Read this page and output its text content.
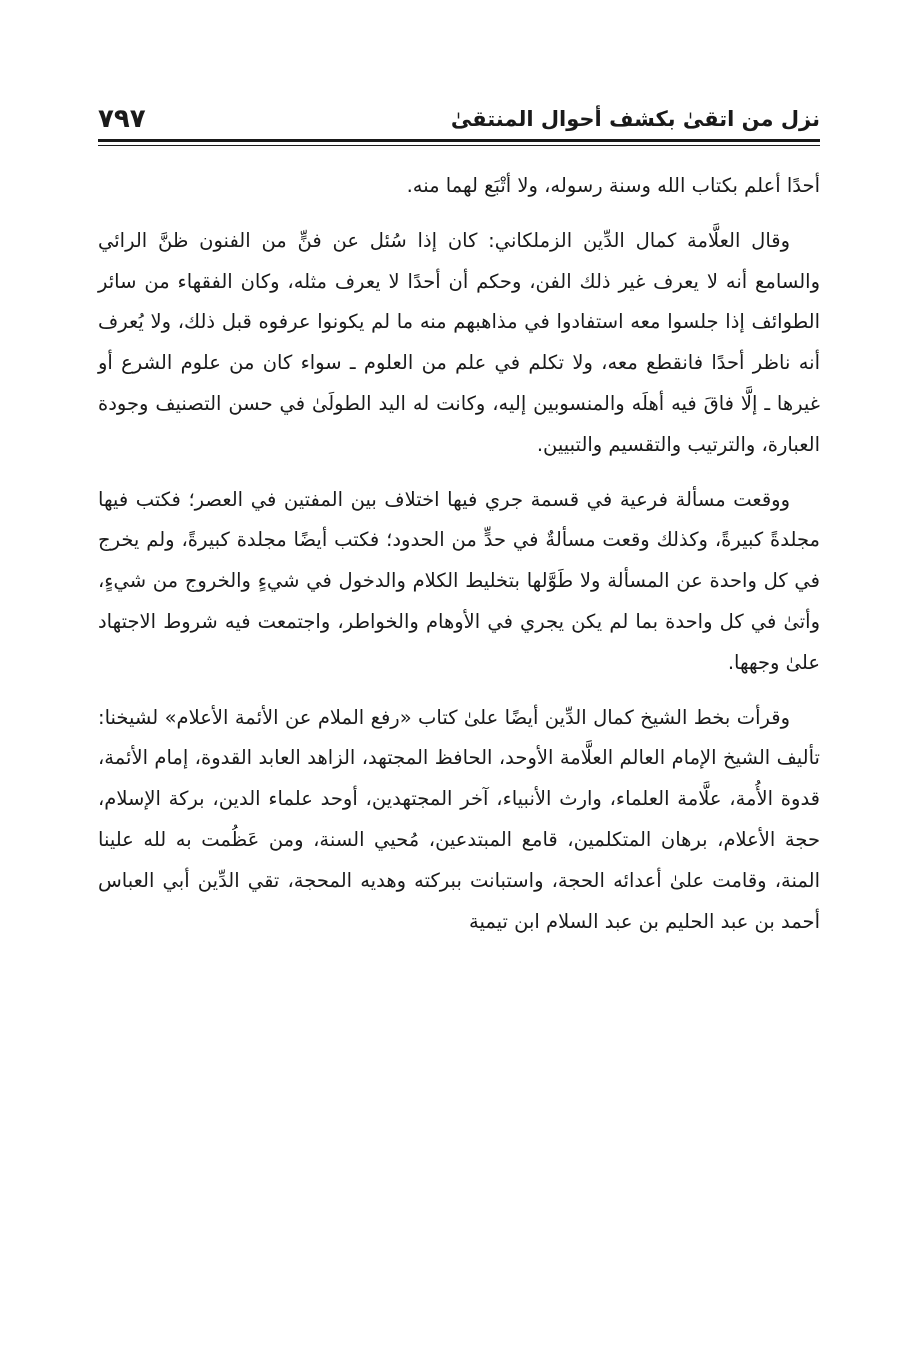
نزل من اتقىٰ بكشف أحوال المنتقىٰ
٧٩٧

أحدًا أعلم بكتاب الله وسنة رسوله، ولا أتْبَع لهما منه.

وقال العلَّامة كمال الدِّين الزملكاني: كان إذا سُئل عن فنٍّ من الفنون ظنَّ الرائي والسامع أنه لا يعرف غير ذلك الفن، وحكم أن أحدًا لا يعرف مثله، وكان الفقهاء من سائر الطوائف إذا جلسوا معه استفادوا في مذاهبهم منه ما لم يكونوا عرفوه قبل ذلك، ولا يُعرف أنه ناظر أحدًا فانقطع معه، ولا تكلم في علم من العلوم ـ سواء كان من علوم الشرع أو غيرها ـ إلَّا فاقَ فيه أهلَه والمنسوبين إليه، وكانت له اليد الطولَىٰ في حسن التصنيف وجودة العبارة، والترتيب والتقسيم والتبيين.

ووقعت مسألة فرعية في قسمة جري فيها اختلاف بين المفتين في العصر؛ فكتب فيها مجلدةً كبيرةً، وكذلك وقعت مسألةٌ في حدٍّ من الحدود؛ فكتب أيضًا مجلدة كبيرةً، ولم يخرج في كل واحدة عن المسألة ولا طَوَّلها بتخليط الكلام والدخول في شيءٍ والخروج من شيءٍ، وأتىٰ في كل واحدة بما لم يكن يجري في الأوهام والخواطر، واجتمعت فيه شروط الاجتهاد علىٰ وجهها.

وقرأت بخط الشيخ كمال الدِّين أيضًا علىٰ كتاب «رفع الملام عن الأئمة الأعلام» لشيخنا: تأليف الشيخ الإمام العالم العلَّامة الأوحد، الحافظ المجتهد، الزاهد العابد القدوة، إمام الأئمة، قدوة الأُمة، علَّامة العلماء، وارث الأنبياء، آخر المجتهدين، أوحد علماء الدين، بركة الإسلام، حجة الأعلام، برهان المتكلمين، قامع المبتدعين، مُحيي السنة، ومن عَظُمت به لله علينا المنة، وقامت علىٰ أعدائه الحجة، واستبانت ببركته وهديه المحجة، تقي الدِّين أبي العباس أحمد بن عبد الحليم بن عبد السلام ابن تيمية
